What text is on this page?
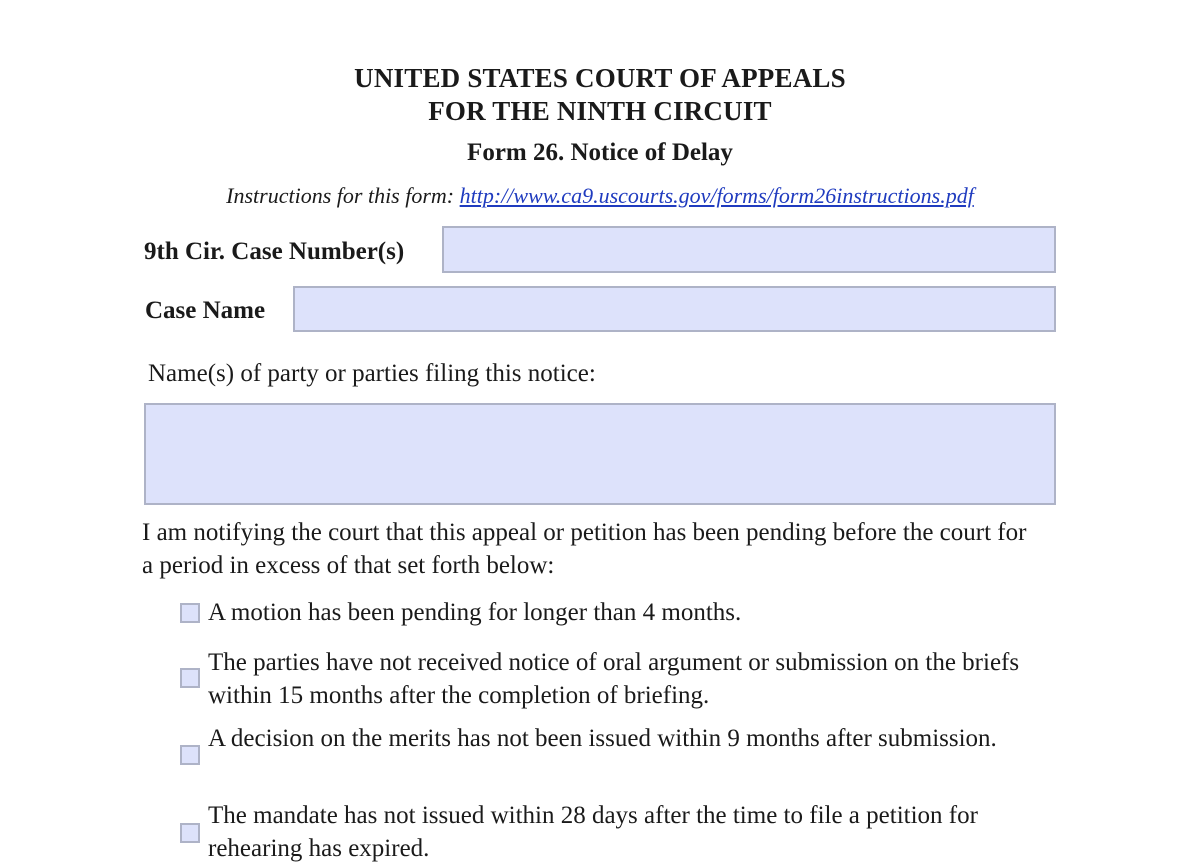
UNITED STATES COURT OF APPEALS
FOR THE NINTH CIRCUIT
Form 26. Notice of Delay
Instructions for this form: http://www.ca9.uscourts.gov/forms/form26instructions.pdf
9th Cir. Case Number(s)
Case Name
Name(s) of party or parties filing this notice:
I am notifying the court that this appeal or petition has been pending before the court for a period in excess of that set forth below:
A motion has been pending for longer than 4 months.
The parties have not received notice of oral argument or submission on the briefs within 15 months after the completion of briefing.
A decision on the merits has not been issued within 9 months after submission.
The mandate has not issued within 28 days after the time to file a petition for rehearing has expired.
